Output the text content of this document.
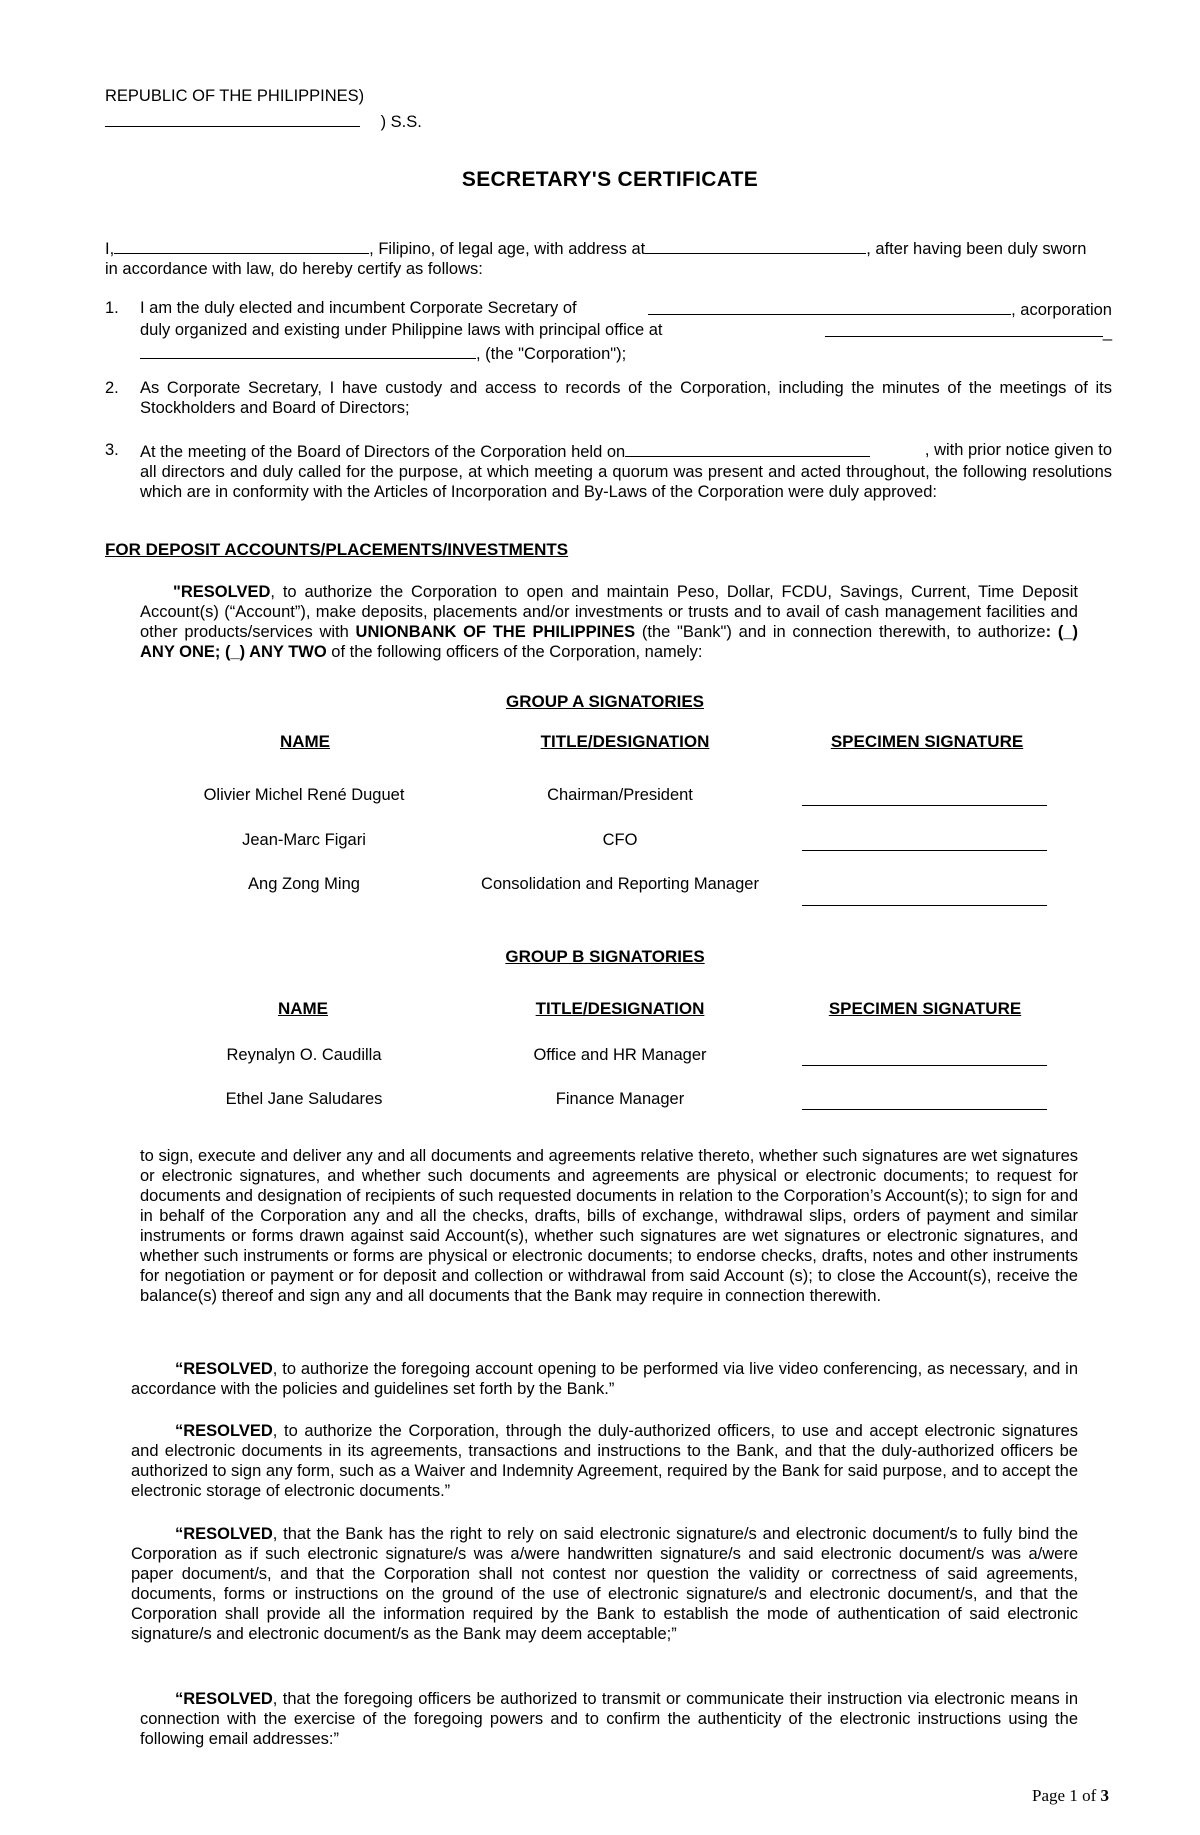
REPUBLIC OF THE PHILIPPINES)
) S.S.
SECRETARY'S CERTIFICATE
I,	, Filipino, of legal age, with address at	, after having been duly sworn
in accordance with law, do hereby certify as follows:
1. I am the duly elected and incumbent Corporate Secretary of	, acorporation
duly organized and existing under Philippine laws with principal office at	_
, (the "Corporation");
2. As Corporate Secretary, I have custody and access to records of the Corporation, including the minutes of the meetings of its Stockholders and Board of Directors;
3. At the meeting of the Board of Directors of the Corporation held on	, with prior notice given to
all directors and duly called for the purpose, at which meeting a quorum was present and acted throughout, the following resolutions which are in conformity with the Articles of Incorporation and By-Laws of the Corporation were duly approved:
FOR DEPOSIT ACCOUNTS/PLACEMENTS/INVESTMENTS
"RESOLVED, to authorize the Corporation to open and maintain Peso, Dollar, FCDU, Savings, Current, Time Deposit Account(s) (“Account”), make deposits, placements and/or investments or trusts and to avail of cash management facilities and other products/services with UNIONBANK OF THE PHILIPPINES (the "Bank") and in connection therewith, to authorize: (_) ANY ONE; (_) ANY TWO of the following officers of the Corporation, namely:
GROUP A SIGNATORIES
NAME	TITLE/DESIGNATION	SPECIMEN SIGNATURE
Olivier Michel René Duguet	Chairman/President
Jean-Marc Figari	CFO
Ang Zong Ming	Consolidation and Reporting Manager
GROUP B SIGNATORIES
NAME	TITLE/DESIGNATION	SPECIMEN SIGNATURE
Reynalyn O. Caudilla	Office and HR Manager
Ethel Jane Saludares	Finance Manager
to sign, execute and deliver any and all documents and agreements relative thereto, whether such signatures are wet signatures or electronic signatures, and whether such documents and agreements are physical or electronic documents; to request for documents and designation of recipients of such requested documents in relation to the Corporation’s Account(s); to sign for and in behalf of the Corporation any and all the checks, drafts, bills of exchange, withdrawal slips, orders of payment and similar instruments or forms drawn against said Account(s), whether such signatures are wet signatures or electronic signatures, and whether such instruments or forms are physical or electronic documents; to endorse checks, drafts, notes and other instruments for negotiation or payment or for deposit and collection or withdrawal from said Account (s); to close the Account(s), receive the balance(s) thereof and sign any and all documents that the Bank may require in connection therewith.
“RESOLVED, to authorize the foregoing account opening to be performed via live video conferencing, as necessary, and in accordance with the policies and guidelines set forth by the Bank.”
“RESOLVED, to authorize the Corporation, through the duly-authorized officers, to use and accept electronic signatures and electronic documents in its agreements, transactions and instructions to the Bank, and that the duly-authorized officers be authorized to sign any form, such as a Waiver and Indemnity Agreement, required by the Bank for said purpose, and to accept the electronic storage of electronic documents.”
“RESOLVED, that the Bank has the right to rely on said electronic signature/s and electronic document/s to fully bind the Corporation as if such electronic signature/s was a/were handwritten signature/s and said electronic document/s was a/were paper document/s, and that the Corporation shall not contest nor question the validity or correctness of said agreements, documents, forms or instructions on the ground of the use of electronic signature/s and electronic document/s, and that the Corporation shall provide all the information required by the Bank to establish the mode of authentication of said electronic signature/s and electronic document/s as the Bank may deem acceptable;”
“RESOLVED, that the foregoing officers be authorized to transmit or communicate their instruction via electronic means in connection with the exercise of the foregoing powers and to confirm the authenticity of the electronic instructions using the following email addresses:”
Page 1 of 3
